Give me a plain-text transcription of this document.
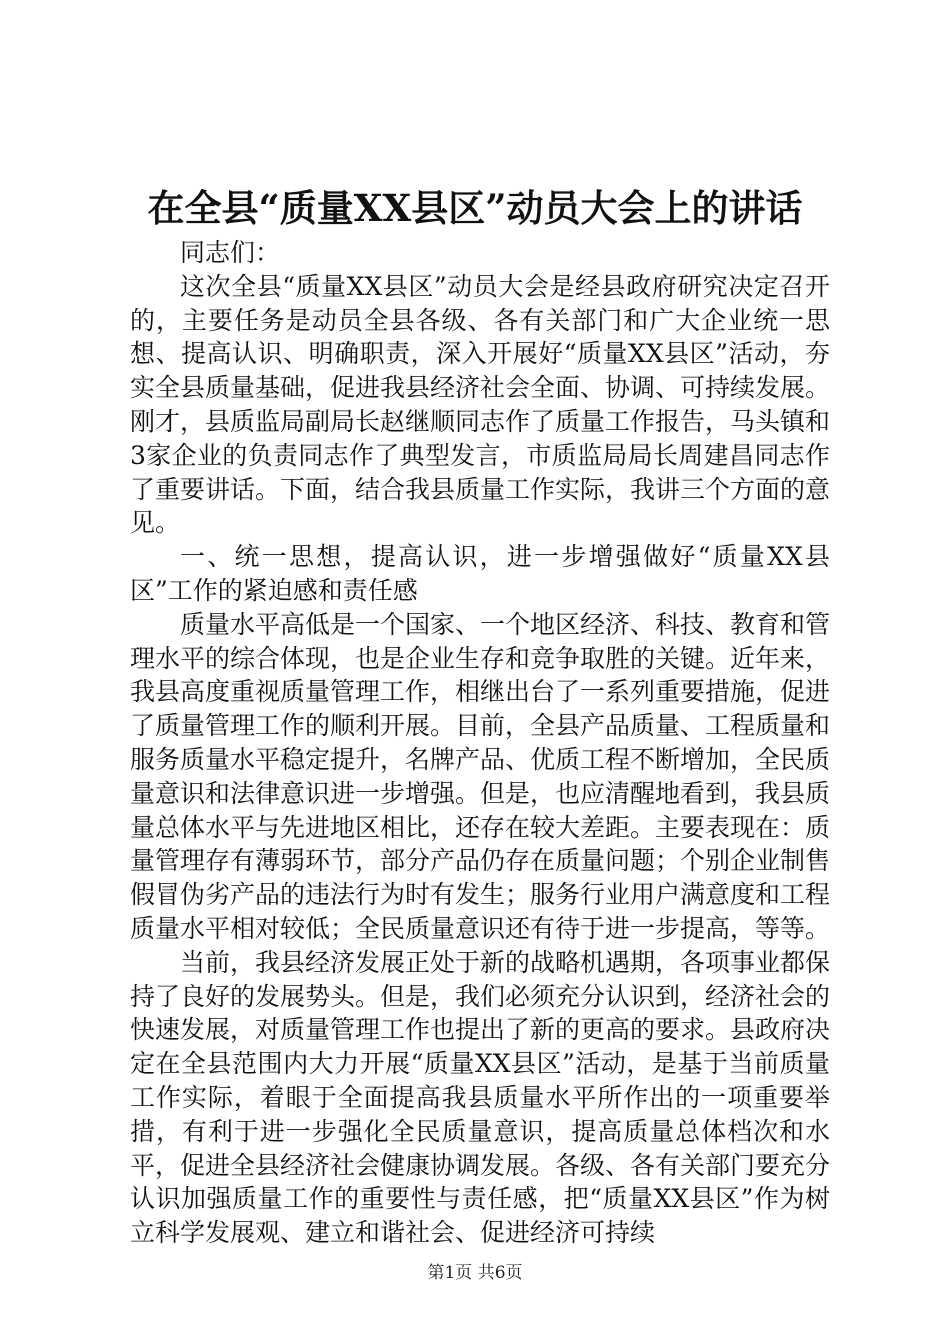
在全县“质量XX县区”动员大会上的讲话

同志们：

这次全县“质量XX县区”动员大会是经县政府研究决定召开的，主要任务是动员全县各级、各有关部门和广大企业统一思想、提高认识、明确职责，深入开展好“质量XX县区”活动，夯实全县质量基础，促进我县经济社会全面、协调、可持续发展。刚才，县质监局副局长赵继顺同志作了质量工作报告，马头镇和3家企业的负责同志作了典型发言，市质监局局长周建昌同志作了重要讲话。下面，结合我县质量工作实际，我讲三个方面的意见。

一、统一思想，提高认识，进一步增强做好“质量XX县区”工作的紧迫感和责任感

质量水平高低是一个国家、一个地区经济、科技、教育和管理水平的综合体现，也是企业生存和竞争取胜的关键。近年来，我县高度重视质量管理工作，相继出台了一系列重要措施，促进了质量管理工作的顺利开展。目前，全县产品质量、工程质量和服务质量水平稳定提升，名牌产品、优质工程不断增加，全民质量意识和法律意识进一步增强。但是，也应清醒地看到，我县质量总体水平与先进地区相比，还存在较大差距。主要表现在：质量管理存有薄弱环节，部分产品仍存在质量问题；个别企业制售假冒伪劣产品的违法行为时有发生；服务行业用户满意度和工程质量水平相对较低；全民质量意识还有待于进一步提高，等等。

当前，我县经济发展正处于新的战略机遇期，各项事业都保持了良好的发展势头。但是，我们必须充分认识到，经济社会的快速发展，对质量管理工作也提出了新的更高的要求。县政府决定在全县范围内大力开展“质量XX县区”活动，是基于当前质量工作实际，着眼于全面提高我县质量水平所作出的一项重要举措，有利于进一步强化全民质量意识，提高质量总体档次和水平，促进全县经济社会健康协调发展。各级、各有关部门要充分认识加强质量工作的重要性与责任感，把“质量XX县区”作为树立科学发展观、建立和谐社会、促进经济可持续

第1页 共6页
